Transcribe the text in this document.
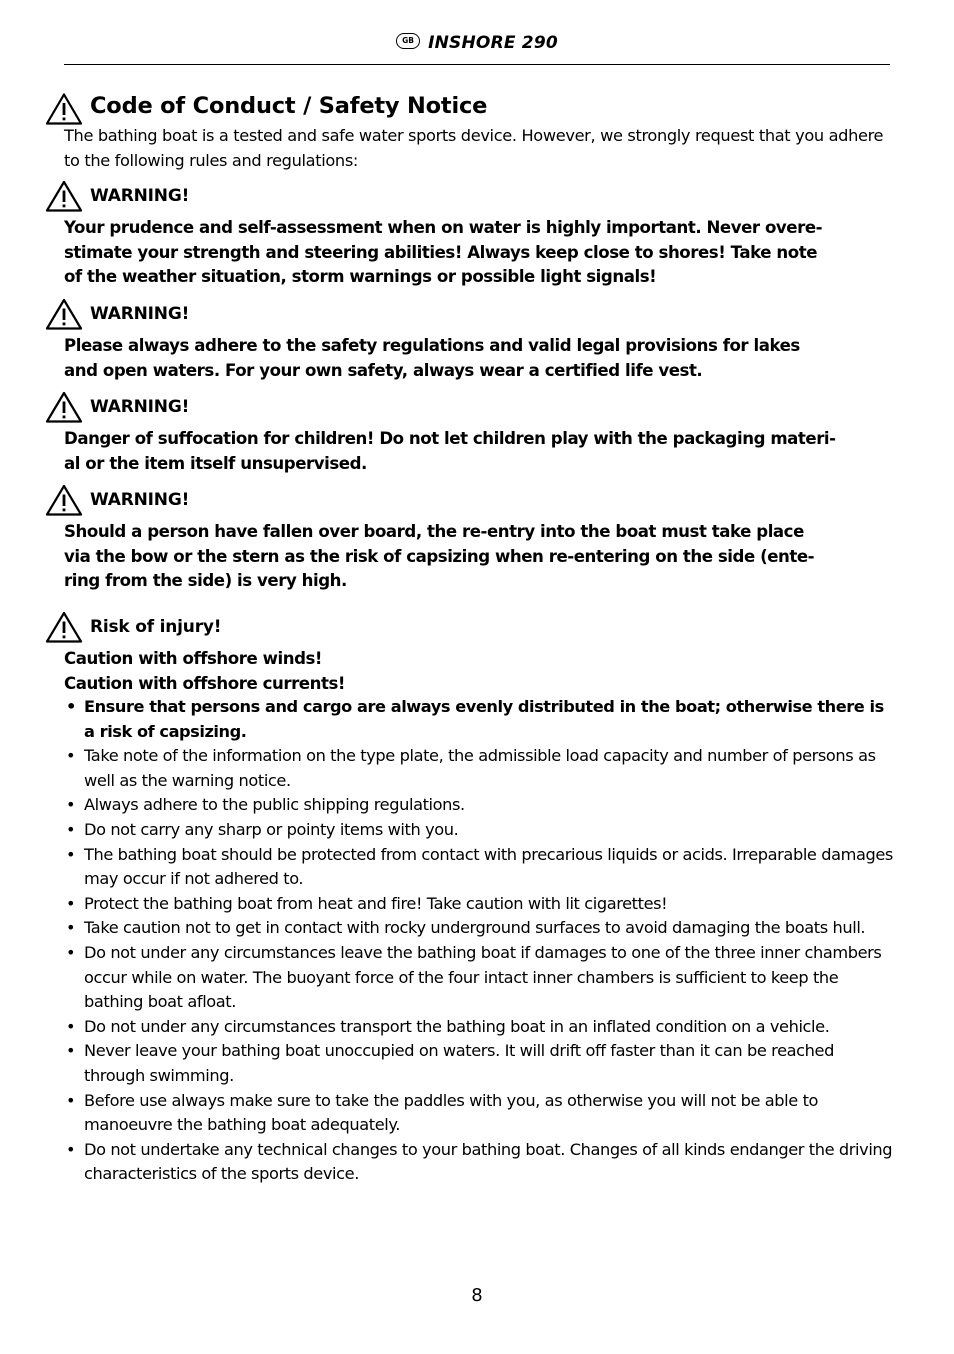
GB INSHORE 290
Code of Conduct / Safety Notice
The bathing boat is a tested and safe water sports device. However, we strongly request that you adhere to the following rules and regulations:
WARNING!
Your prudence and self-assessment when on water is highly important. Never overe-
stimate your strength and steering abilities! Always keep close to shores! Take note
of the weather situation, storm warnings or possible light signals!
WARNING!
Please always adhere to the safety regulations and valid legal provisions for lakes
and open waters. For your own safety, always wear a certified life vest.
WARNING!
Danger of suffocation for children! Do not let children play with the packaging materi-
al or the item itself unsupervised.
WARNING!
Should a person have fallen over board, the re-entry into the boat must take place
via the bow or the stern as the risk of capsizing when re-entering on the side (ente-
ring from the side) is very high.
Risk of injury!
Caution with offshore winds!
Caution with offshore currents!
• Ensure that persons and cargo are always evenly distributed in the boat; otherwise there is a risk of capsizing.
• Take note of the information on the type plate, the admissible load capacity and number of persons as well as the warning notice.
• Always adhere to the public shipping regulations.
• Do not carry any sharp or pointy items with you.
• The bathing boat should be protected from contact with precarious liquids or acids. Irreparable damages may occur if not adhered to.
• Protect the bathing boat from heat and fire! Take caution with lit cigarettes!
• Take caution not to get in contact with rocky underground surfaces to avoid damaging the boats hull.
• Do not under any circumstances leave the bathing boat if damages to one of the three inner chambers occur while on water. The buoyant force of the four intact inner chambers is sufficient to keep the bathing boat afloat.
• Do not under any circumstances transport the bathing boat in an inflated condition on a vehicle.
• Never leave your bathing boat unoccupied on waters. It will drift off faster than it can be reached through swimming.
• Before use always make sure to take the paddles with you, as otherwise you will not be able to manoeuvre the bathing boat adequately.
• Do not undertake any technical changes to your bathing boat. Changes of all kinds endanger the driving characteristics of the sports device.
8
